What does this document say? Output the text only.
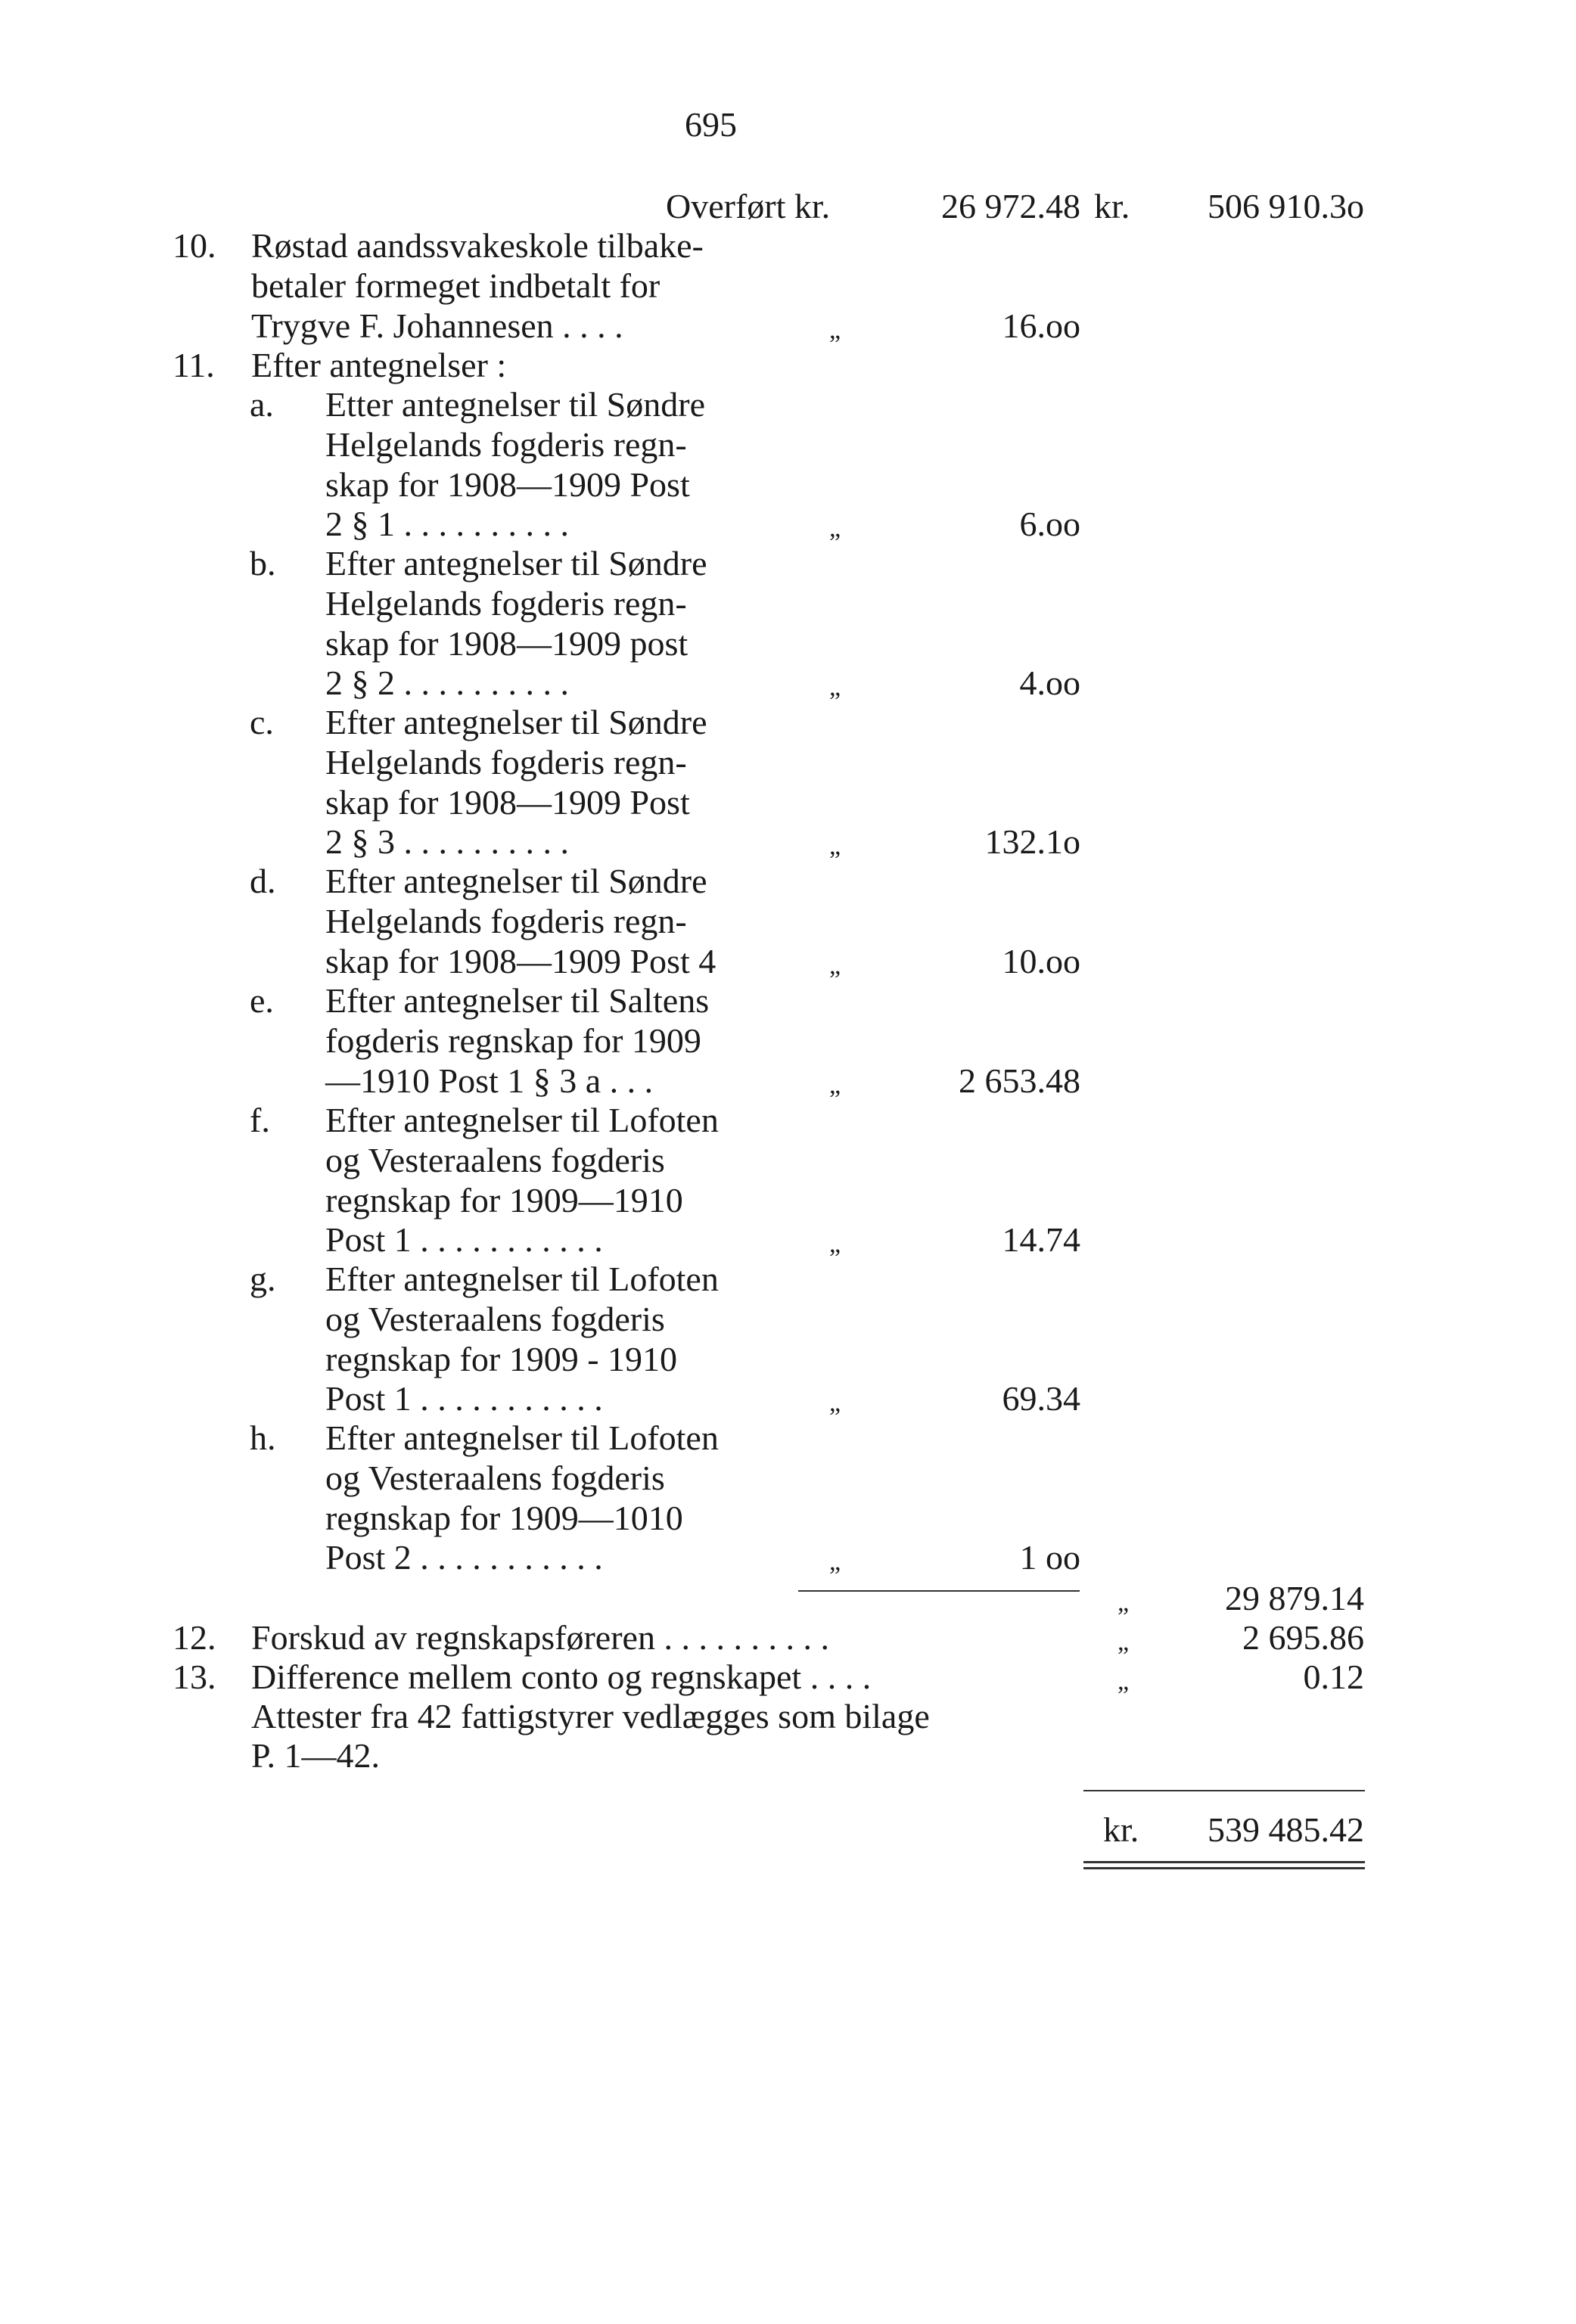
695
Overført kr.	26 972.48 kr. 506 910.3o
10. Røstad aandssvakeskole tilbake-
betaler formeget indbetalt for
Trygve F. Johannesen . . . .	„	16.oo
11. Efter antegnelser :
a. Etter antegnelser til Søndre
Helgelands fogderis regn-
skap for 1908—1909 Post
2 § 1 . . . . . . . . . .	„	6.oo
b. Efter antegnelser til Søndre
Helgelands fogderis regn-
skap for 1908—1909 post
2 § 2 . . . . . . . . . .	„	4.oo
c. Efter antegnelser til Søndre
Helgelands fogderis regn-
skap for 1908—1909 Post
2 § 3 . . . . . . . . . .	„	132.1o
d. Efter antegnelser til Søndre
Helgelands fogderis regn-
skap for 1908—1909 Post 4	„	10.oo
e. Efter antegnelser til Saltens
fogderis regnskap for 1909
—1910 Post 1 § 3 a . . .	„	2 653.48
f. Efter antegnelser til Lofoten
og Vesteraalens fogderis
regnskap for 1909—1910
Post 1 . . . . . . . . . . .	„	14.74
g. Efter antegnelser til Lofoten
og Vesteraalens fogderis
regnskap for 1909 - 1910
Post 1 . . . . . . . . . . .	„	69.34
h. Efter antegnelser til Lofoten
og Vesteraalens fogderis
regnskap for 1909—1010
Post 2 . . . . . . . . . . .	„	1 oo
„	29 879.14
12. Forskud av regnskapsføreren . . . . . . . . . .	„	2 695.86
13. Difference mellem conto og regnskapet . . . .	„	0.12
Attester fra 42 fattigstyrer vedlægges som bilage
P. 1—42.
kr. 539 485.42
